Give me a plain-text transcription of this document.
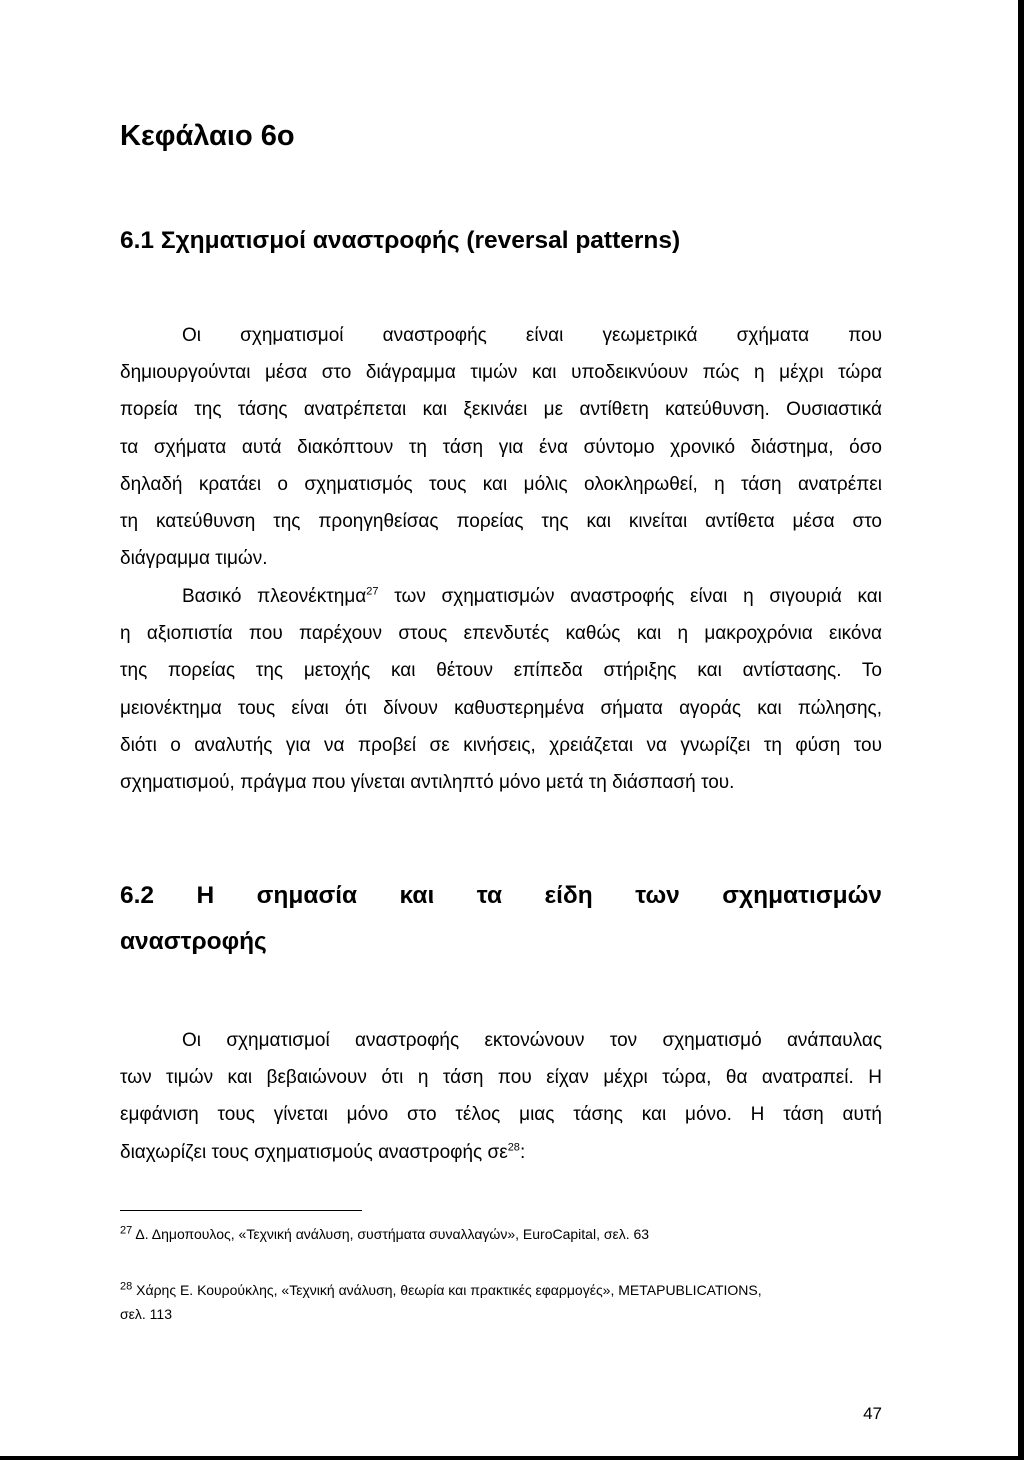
Κεφάλαιο 6ο
6.1 Σχηματισμοί αναστροφής (reversal patterns)
Οι σχηματισμοί αναστροφής είναι γεωμετρικά σχήματα που
δημιουργούνται μέσα στο διάγραμμα τιμών και υποδεικνύουν πώς η μέχρι τώρα
πορεία της τάσης ανατρέπεται και ξεκινάει με αντίθετη κατεύθυνση. Ουσιαστικά
τα σχήματα αυτά διακόπτουν τη τάση για ένα σύντομο χρονικό διάστημα, όσο
δηλαδή κρατάει ο σχηματισμός τους και μόλις ολοκληρωθεί, η τάση ανατρέπει
τη κατεύθυνση της προηγηθείσας πορείας της και κινείται αντίθετα μέσα στο
διάγραμμα τιμών.
Βασικό πλεονέκτημα$^{27}$ των σχηματισμών αναστροφής είναι η σιγουριά και
η αξιοπιστία που παρέχουν στους επενδυτές καθώς και η μακροχρόνια εικόνα
της πορείας της μετοχής και θέτουν επίπεδα στήριξης και αντίστασης. Το
μειονέκτημα τους είναι ότι δίνουν καθυστερημένα σήματα αγοράς και πώλησης,
διότι ο αναλυτής για να προβεί σε κινήσεις, χρειάζεται να γνωρίζει τη φύση του
σχηματισμού, πράγμα που γίνεται αντιληπτό μόνο μετά τη διάσπασή του.
6.2 Η σημασία και τα είδη των σχηματισμών
αναστροφής
Οι σχηματισμοί αναστροφής εκτονώνουν τον σχηματισμό ανάπαυλας
των τιμών και βεβαιώνουν ότι η τάση που είχαν μέχρι τώρα, θα ανατραπεί. Η
εμφάνιση τους γίνεται μόνο στο τέλος μιας τάσης και μόνο. Η τάση αυτή
διαχωρίζει τους σχηματισμούς αναστροφής $\sigma\varepsilon^{28}$:
$^{27}$ Δ. Δημοπουλος, «Τεχνική ανάλυση, συστήματα συναλλαγών», EuroCapital, σελ. 63
$^{28}$ Χάρης Ε. Κουρούκλης, «Τεχνική ανάλυση, θεωρία και πρακτικές εφαρμογές», METAPUBLICATIONS,
σελ. 113
47
